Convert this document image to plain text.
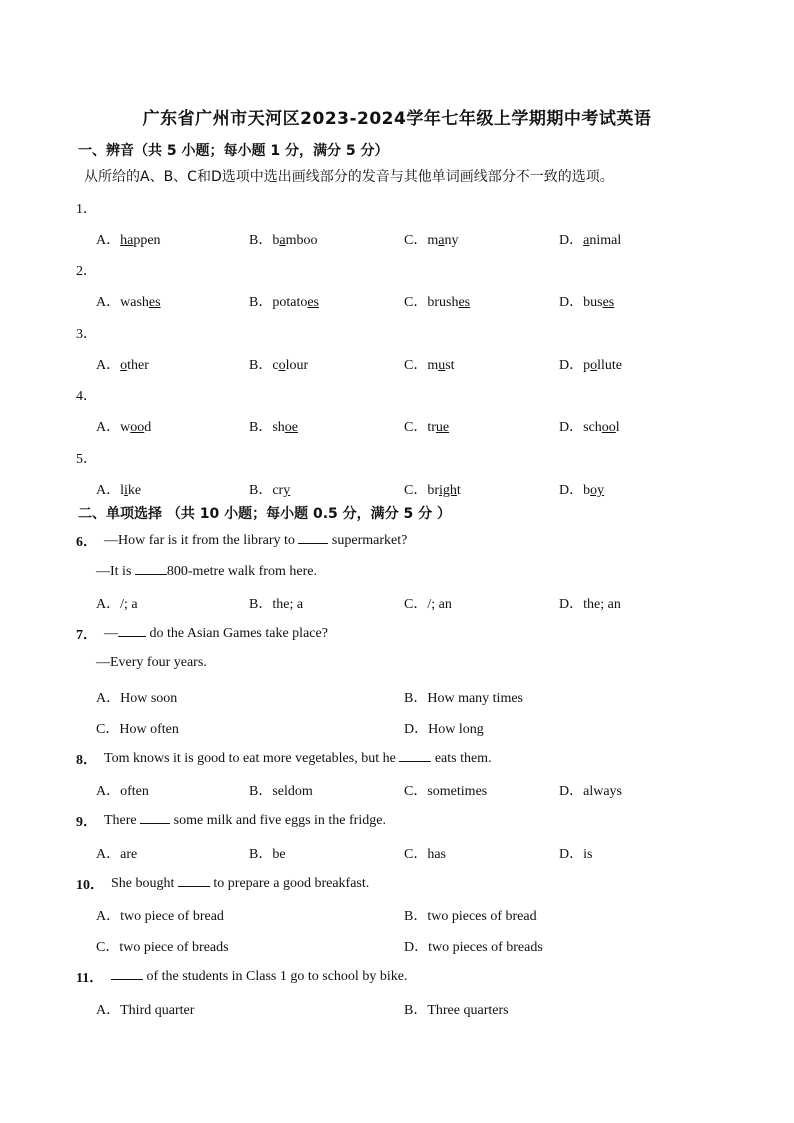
广东省广州市天河区2023-2024学年七年级上学期期中考试英语
一、辨音（共 5 小题；每小题 1 分，满分 5 分）
从所给的A、B、C和D选项中选出画线部分的发音与其他单词画线部分不一致的选项。
1．
A．happen	B．bamboo	C．many	D．animal
2．
A．washes	B．potatoes	C．brushes	D．buses
3．
A．other	B．colour	C．must	D．pollute
4．
A．wood	B．shoe	C．true	D．school
5．
A．like	B．cry	C．bright	D．boy
二、单项选择 （共 10 小题；每小题 0.5 分，满分 5 分 ）
6． —How far is it from the library to  supermarket?
—It is 800-metre walk from here.
A．/; a	B．the; a	C．/; an	D．the; an
7． — do the Asian Games take place?
—Every four years.
A．How soon	B．How many times
C．How often	D．How long
8． Tom knows it is good to eat more vegetables, but he  eats them.
A．often	B．seldom	C．sometimes	D．always
9． There  some milk and five eggs in the fridge.
A．are	B．be	C．has	D．is
10． She bought  to prepare a good breakfast.
A．two piece of bread	B．two pieces of bread
C．two piece of breads	D．two pieces of breads
11．	of the students in Class 1 go to school by bike.
A．Third quarter	B．Three quarters
